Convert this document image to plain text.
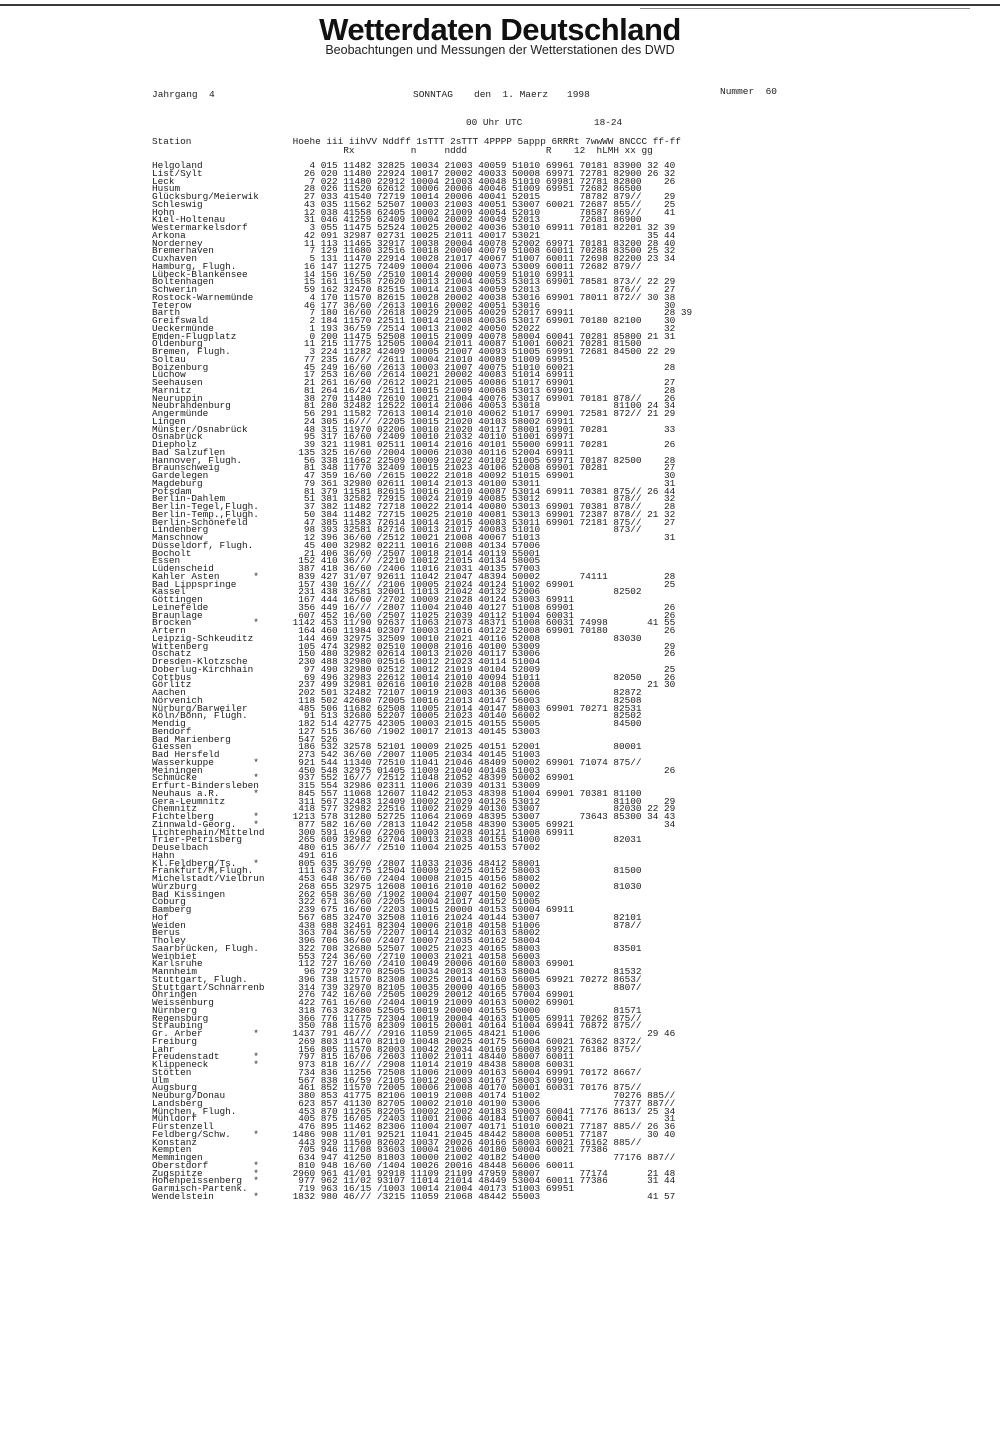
Wetterdaten Deutschland
Beobachtungen und Messungen der Wetterstationen des DWD
Jahrgang  4	SONNTAG den  1. Maerz 1998	Nummer  60
00 Uhr UTC	18-24
Station                  Hoehe iii iihVV Nddff 1sTTT 2sTTT 4PPPP 5appp 6RRRt 7wwWW 8NCCC ff-ff
Rx          n     nddd              R    12  hLMH xx gg
Helgoland                   4 015 11482 32825 10034 21003 40059 51010 69961 70181 83900 32 40
List/Sylt                  26 020 11480 22924 10017 20002 40033 50008 69971 72781 82900 26 32
Leck                        7 022 11480 22912 10004 21003 40048 51010 69981 72781 82800    26
Husum                      28 026 11520 62612 10006 20006 40046 51009 69951 72682 86500
Glücksburg/Meierwik        27 033 41540 72719 10014 20006 40041 52015       78782 879//    29
Schleswig                  43 035 11562 52507 10003 21003 40051 53007 60021 72687 855//    25
Hohn                       12 038 41558 62405 10002 21009 40054 52010       78587 869//    41
Kiel-Holtenau              31 046 41259 62409 10004 20002 40049 52013       72681 86900
Westermarkelsdorf           3 055 11475 52524 10025 20002 40036 53010 69911 70181 82201 32 39
Arkona                     42 091 32987 02731 10025 21011 40017 53021                   35 44
Norderney                  11 113 11465 32917 10038 20004 40078 52002 69971 70181 83200 28 40
Bremerhaven                 7 129 11680 32516 10018 20000 40079 51008 60011 70288 83500 25 32
Cuxhaven                    5 131 11470 22914 10028 21017 40067 51007 60011 72698 82200 23 34
Hamburg, Flugh.            16 147 11275 72409 10004 21006 40073 53009 60011 72682 879//
Lübeck-Blankensee          14 156 16/50 /2510 10014 20000 40059 51010 69911
Boltenhagen                15 161 11558 72620 10013 21004 40053 53013 69901 78581 873// 22 29
Schwerin                   59 162 32470 82515 10014 21003 40059 52013             876//    27
Rostock-Warnemünde          4 170 11570 82615 10028 20002 40038 53016 69901 78011 872// 30 38
Teterow                    46 177 36/60 /2613 10016 20002 40051 53016                      30
Barth                       7 180 16/60 /2618 10029 21005 40029 52017 69911                28 39
Greifswald                  2 184 11570 22511 10014 21008 40036 53017 69901 70180 82100    30
Ueckermünde                 1 193 36/59 /2514 10013 21002 40050 52022                      32
Emden-Flugplatz             0 200 11475 52508 10015 21009 40078 58004 60041 70281 85800 21 31
Oldenburg                  11 215 11775 12505 10004 21011 40087 51001 60021 70281 81500
Bremen, Flugh.              3 224 11282 42409 10005 21007 40093 51005 69991 72681 84500 22 29
Soltau                     77 235 16/// /2611 10004 21010 40089 51009 69951
Boizenburg                 45 249 16/60 /2613 10003 21007 40075 51010 60021                28
Lüchow                     17 253 16/60 /2614 10021 20002 40083 51014 69911
Seehausen                  21 261 16/60 /2612 10021 21005 40086 51017 69901                27
Marnitz                    81 264 16/24 /2511 10015 21009 40068 53013 69901                28
Neuruppin                  38 270 11480 72610 10021 21004 40076 53017 69901 70181 878//    26
Neubrandenburg             81 280 32482 12522 10014 21006 40053 53018             81100 24 34
Angermünde                 56 291 11582 72613 10014 21010 40062 51017 69901 72581 872// 21 29
Lingen                     24 305 16/// /2205 10015 21020 40103 58002 69911
Münster/Osnabrück          48 315 11970 02206 10010 21020 40117 58001 69901 70281          33
Osnabrück                  95 317 16/60 /2409 10010 21032 40110 51001 69971
Diepholz                   39 321 11981 02511 10014 21016 40101 55000 69911 70281          26
Bad Salzuflen             135 325 16/60 /2004 10006 21030 40116 52004 69911
Hannover, Flugh.           56 338 11662 22509 10009 21022 40102 51005 69971 70187 82500    28
Braunschweig               81 348 11770 32409 10015 21023 40106 52008 69901 70281          27
Gardelegen                 47 359 16/60 /2615 10022 21018 40092 51015 69901                30
Magdeburg                  79 361 32980 02611 10014 21013 40100 53011                      31
Potsdam                    81 379 11581 82615 10016 21010 40087 53014 69911 70381 875// 26 44
Berlin-Dahlem              51 381 32582 72915 10024 21019 40085 53012             878//    32
Berlin-Tegel,Flugh.        37 382 11482 72718 10022 21014 40080 53013 69901 70381 878//    28
Berlin-Temp.,Flugh.        50 384 11482 72715 10025 21010 40081 53013 69901 72387 878// 21 32
Berlin-Schönefeld          47 385 11583 72614 10014 21015 40083 53011 69901 72181 875//    27
Lindenberg                 98 393 32581 82716 10013 21017 40083 51010             873//
Manschnow                  12 396 36/60 /2512 10021 21008 40067 51013                      31
Düsseldorf, Flugh.         45 400 32982 02211 10016 21008 40134 57006
Bocholt                    21 406 36/60 /2507 10018 21014 40119 55001
Essen                     152 410 36/// /2210 10012 21015 40134 58005
Lüdenscheid               387 418 36/60 /2406 11016 21031 40135 57003
Kahler Asten      *       839 427 31/07 92611 11042 21047 48394 50002       74111          28
Bad Lippspringe           157 430 16/// /2106 10005 21024 40124 51002 69901                25
Kassel                    231 438 32581 32001 11013 21042 40132 52006             82502
Göttingen                 167 444 16/60 /2702 10009 21028 40124 53003 69911
Leinefelde                356 449 16/// /2807 11004 21040 40127 51008 69901                26
Braunlage                 607 452 16/60 /2507 11025 21039 40112 51004 60031                26
Brocken           *      1142 453 11/90 92637 11063 21073 48371 51008 60031 74998       41 55
Artern                    164 460 11984 02307 10003 21016 40122 52008 69901 70180          26
Leipzig-Schkeuditz        144 469 32975 32509 10010 21021 40116 52008             83030
Wittenberg                105 474 32982 02510 10008 21016 40100 53009                      29
Oschatz                   150 480 32982 02614 10013 21020 40117 53006                      26
Dresden-Klotzsche         230 488 32980 02516 10012 21023 40114 51004
Doberlug-Kirchhain         97 490 32980 02512 10012 21019 40104 52009                      25
Cottbus                    69 496 32983 22612 10014 21010 40094 51011             82050    26
Görlitz                   237 499 32981 02616 10010 21028 40108 52008                   21 30
Aachen                    202 501 32482 72107 10019 21003 40136 56006             82872
Nörvenich                 118 502 42680 72005 10016 21013 40147 56003             82508
Nürburg/Barweiler         485 506 11682 62508 11005 21014 40147 58003 69901 70271 82531
Köln/Bonn, Flugh.          91 513 32680 52207 10005 21023 40140 56002             82502
Mendig                    182 514 42775 42305 10003 21015 40155 55005             84500
Bendorf                   127 515 36/60 /1902 10017 21013 40145 53003
Bad Marienberg            547 526
Giessen                   186 532 32578 52101 10009 21025 40151 52001             80001
Bad Hersfeld              273 542 36/60 /2007 11005 21034 40145 51003
Wasserkuppe       *       921 544 11340 72510 11041 21046 48409 50002 69901 71074 875//
Meiningen                 450 548 32975 01405 11009 21040 40148 51003                      26
Schmücke          *       937 552 16/// /2512 11048 21052 48399 50002 69901
Erfurt-Bindersleben       315 554 32986 02311 11006 21039 40131 53009
Neuhaus a.R.      *       845 557 11068 12607 11042 21053 48398 51004 69901 70381 81100
Gera-Leumnitz             311 567 32483 12409 10002 21029 40126 53012             81100    29
Chemnitz                  418 577 32982 22516 11002 21029 40130 53007             82030 22 29
Fichtelberg       *      1213 578 31280 52725 11064 21069 48395 53007       73643 85300 34 43
Zinnwald-Georg.   *       877 582 16/60 /2813 11042 21058 48390 53005 69921                34
Lichtenhain/Mittelnd      300 591 16/60 /2206 10003 21028 40121 51008 69911
Trier-Petrisberg          265 609 32982 62704 10013 21033 40155 54000             82031
Deuselbach                480 615 36/// /2510 11004 21025 40153 57002
Hahn                      491 616
Kl.Feldberg/Ts.   *       805 635 36/60 /2807 11033 21036 48412 58001
Frankfurt/M,Flugh.        111 637 32775 12504 10009 21025 40152 58003             81500
Michelstadt/Vielbrun      453 648 36/60 /2404 10008 21015 40156 58002
Würzburg                  268 655 32975 12608 10016 21010 40162 50002             81030
Bad Kissingen             262 658 36/60 /1902 10004 21007 40150 50002
Coburg                    322 671 36/60 /2205 10004 21017 40152 51005
Bamberg                   239 675 16/60 /2203 10015 20000 40153 50004 69911
Hof                       567 685 32470 32508 11016 21024 40144 53007             82101
Weiden                    438 688 32461 82304 10006 21018 40158 51006             878//
Berus                     363 704 36/59 /2207 10014 21032 40163 58002
Tholey                    396 706 36/60 /2407 10007 21035 40162 58004
Saarbrücken, Flugh.       322 708 32680 52507 10025 21023 40165 58003             83501
Weinbiet                  553 724 36/60 /2710 10003 21021 40158 56003
Karlsruhe                 112 727 16/60 /2410 10049 20006 40160 58003 69901
Mannheim                   96 729 32770 82505 10034 20013 40153 58004             81532
Stuttgart, Flugh.         396 738 11570 82308 10025 20014 40160 56005 69921 70272 8653/
Stuttgart/Schnarrenb      314 739 32970 82105 10035 20000 40165 58003             8807/
Öhringen                  276 742 16/60 /2505 10029 20012 40165 57004 69901
Weissenburg               422 761 16/60 /2404 10019 21009 40163 50002 69901
Nürnberg                  318 763 32680 52505 10019 20000 40155 50000             81571
Regensburg                366 776 11775 72304 10019 20004 40163 51005 69911 70262 875//
Straubing                 350 788 11570 82309 10015 20001 40164 51004 69941 76872 875//
Gr. Arber         *      1437 791 46/// /2916 11059 21065 48421 51006                   29 46
Freiburg                  269 803 11470 82110 10048 20025 40175 56004 60021 76362 8372/
Lahr                      156 805 11570 82003 10042 20034 40169 56008 69921 76186 875//
Freudenstadt      *       797 815 16/06 /2603 11002 21011 48440 58007 60011
Klippeneck        *       973 818 16/// /2908 11014 21019 48438 58008 60031
Stötten                   734 836 11256 72508 11006 21009 40163 56004 69991 70172 8667/
Ulm                       567 838 16/59 /2105 10012 20003 40167 58003 69901
Augsburg                  461 852 11570 72005 10006 21008 40170 50001 60031 70176 875//
Neuburg/Donau             380 853 41775 82106 10019 21008 40174 51002             70276 885//
Landsberg                 623 857 41130 82705 10002 21010 40190 53006             77377 887//
München, Flugh.           453 870 11265 82205 10002 21002 40183 50003 60041 77176 8613/ 25 34
Mühldorf                  405 875 16/05 /2403 11001 21006 40184 51007 60041                31
Fürstenzell               476 895 11462 82306 11004 21007 40171 51010 60021 77187 885// 26 36
Feldberg/Schw.    *      1486 908 11/01 92521 11041 21045 48442 58008 60051 77187       30 40
Konstanz                  443 929 11560 82602 10037 20026 40166 58003 60021 76162 885//
Kempten                   705 946 11/08 93603 10004 21006 40180 50004 60021 77386
Memmingen                 634 947 41250 81803 10000 21002 40182 54000             77176 887//
Oberstdorf        *       810 948 16/60 /1404 10026 20016 48448 56006 60011
Zugspitze         *      2960 961 41/01 92918 11109 21109 47959 58007       77174       21 48
Hohenpeissenberg  *       977 962 11/02 93107 11014 21014 48449 53004 60011 77386       31 44
Garmisch-Partenk.         719 963 16/15 /1003 10014 21004 40173 51003 69951
Wendelstein       *      1832 980 46/// /3215 11059 21068 48442 55003                   41 57
